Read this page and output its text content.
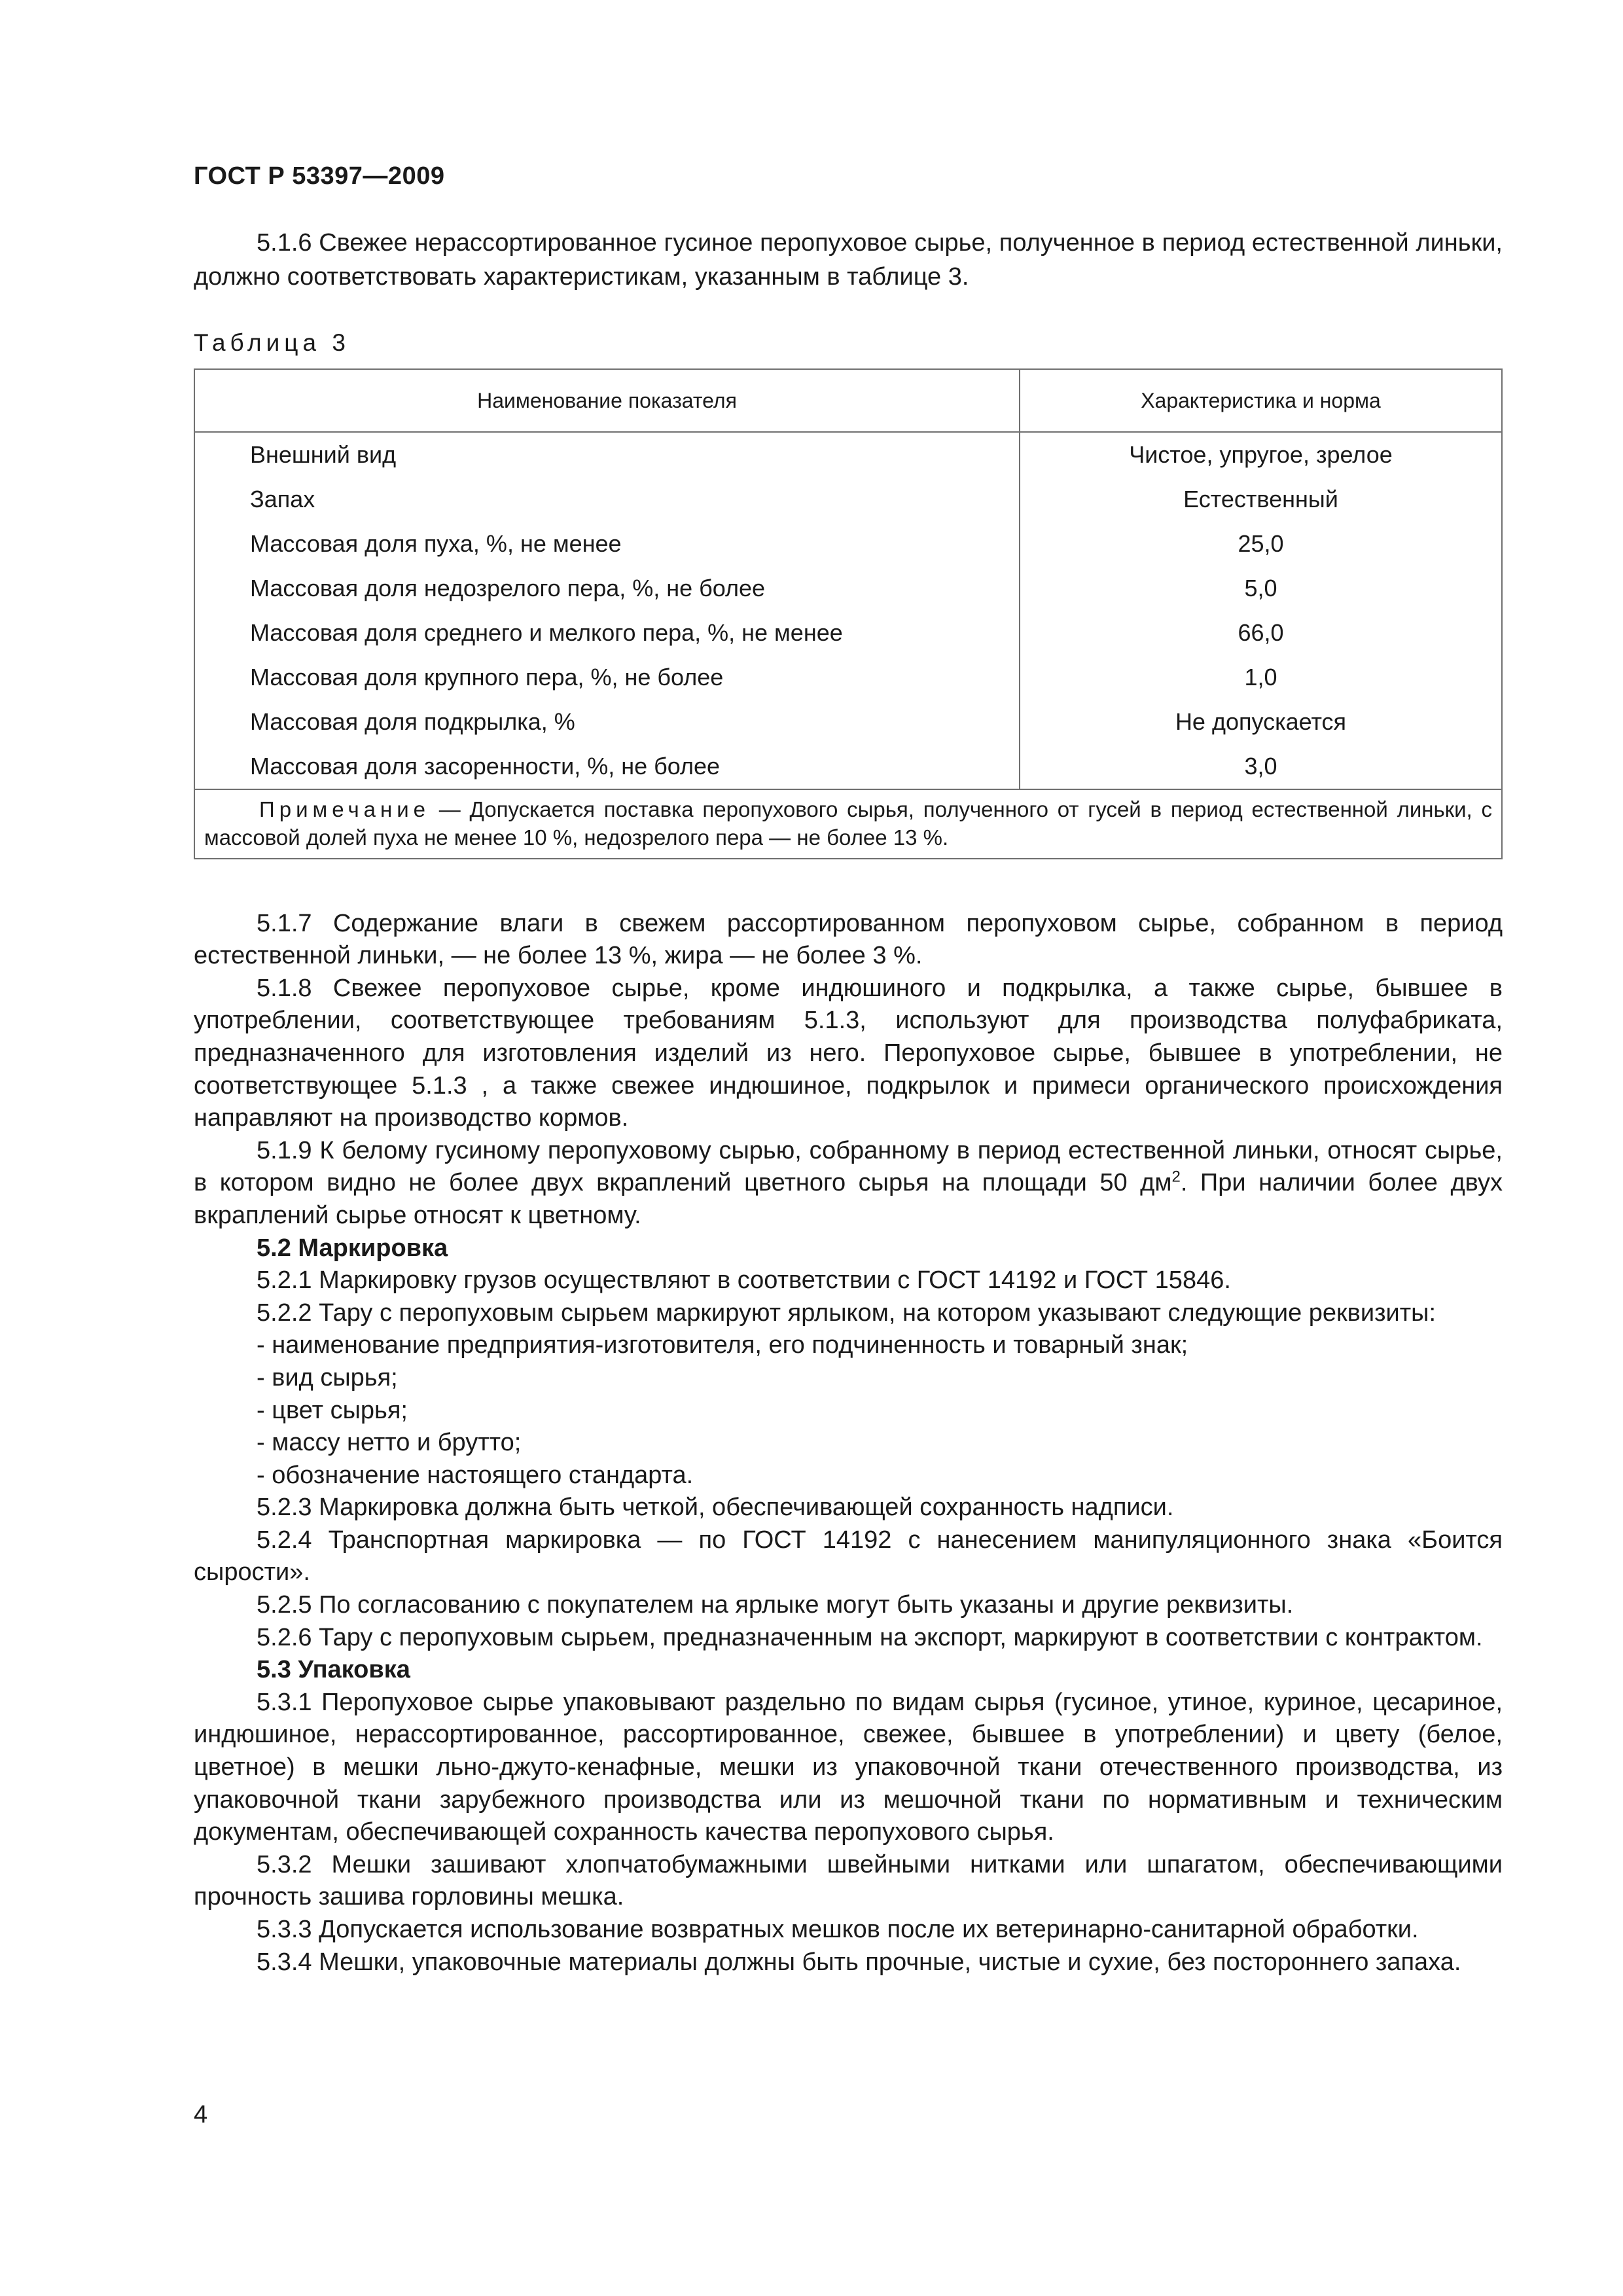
ГОСТ Р 53397—2009

5.1.6 Свежее нерассортированное гусиное перопуховое сырье, полученное в период естественной линьки, должно соответствовать характеристикам, указанным в таблице 3.

Таблица 3
Наименование показателя	Характеристика и норма
Внешний вид	Чистое, упругое, зрелое
Запах	Естественный
Массовая доля пуха, %, не менее	25,0
Массовая доля недозрелого пера, %, не более	5,0
Массовая доля среднего и мелкого пера, %, не менее	66,0
Массовая доля крупного пера, %, не более	1,0
Массовая доля подкрылка, %	Не допускается
Массовая доля засоренности, %, не более	3,0
Примечание — Допускается поставка перопухового сырья, полученного от гусей в период естественной линьки, с массовой долей пуха не менее 10 %, недозрелого пера — не более 13 %.	

5.1.7 Содержание влаги в свежем рассортированном перопуховом сырье, собранном в период естественной линьки, — не более 13 %, жира — не более 3 %.

5.1.8 Свежее перопуховое сырье, кроме индюшиного и подкрылка, а также сырье, бывшее в употреблении, соответствующее требованиям 5.1.3, используют для производства полуфабриката, предназначенного для изготовления изделий из него. Перопуховое сырье, бывшее в употреблении, не соответствующее 5.1.3 , а также свежее индюшиное, подкрылок и примеси органического происхождения направляют на производство кормов.

5.1.9 К белому гусиному перопуховому сырью, собранному в период естественной линьки, относят сырье, в котором видно не более двух вкраплений цветного сырья на площади 50 $дм^2$. При наличии более двух вкраплений сырье относят к цветному.

5.2 Маркировка

5.2.1 Маркировку грузов осуществляют в соответствии с ГОСТ 14192 и ГОСТ 15846.

5.2.2 Тару с перопуховым сырьем маркируют ярлыком, на котором указывают следующие реквизиты:

- наименование предприятия-изготовителя, его подчиненность и товарный знак;

- вид сырья;

- цвет сырья;

- массу нетто и брутто;

- обозначение настоящего стандарта.

5.2.3 Маркировка должна быть четкой, обеспечивающей сохранность надписи.

5.2.4 Транспортная маркировка — по ГОСТ 14192 с нанесением манипуляционного знака «Боится сырости».

5.2.5 По согласованию с покупателем на ярлыке могут быть указаны и другие реквизиты.

5.2.6 Тару с перопуховым сырьем, предназначенным на экспорт, маркируют в соответствии с контрактом.

5.3 Упаковка

5.3.1 Перопуховое сырье упаковывают раздельно по видам сырья (гусиное, утиное, куриное, цесариное, индюшиное, нерассортированное, рассортированное, свежее, бывшее в употреблении) и цвету (белое, цветное) в мешки льно-джуто-кенафные, мешки из упаковочной ткани отечественного производства, из упаковочной ткани зарубежного производства или из мешочной ткани по нормативным и техническим документам, обеспечивающей сохранность качества перопухового сырья.

5.3.2 Мешки зашивают хлопчатобумажными швейными нитками или шпагатом, обеспечивающими прочность зашива горловины мешка.

5.3.3 Допускается использование возвратных мешков после их ветеринарно-санитарной обработки.

5.3.4 Мешки, упаковочные материалы должны быть прочные, чистые и сухие, без постороннего запаха.

4
